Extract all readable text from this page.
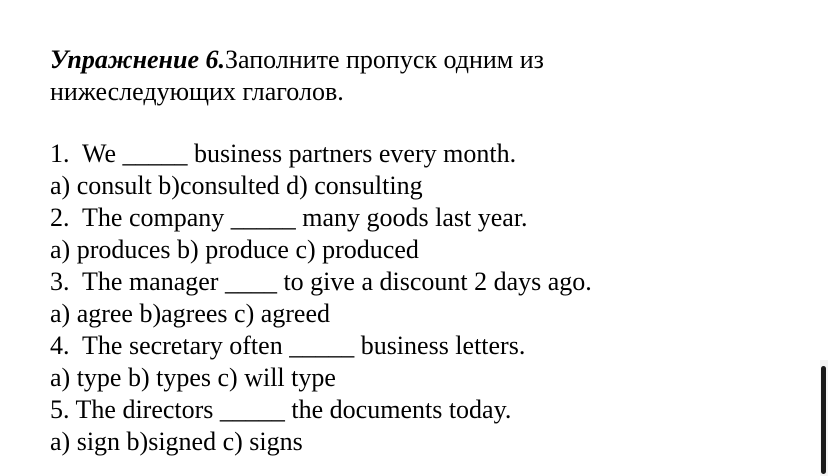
Упражнение 6.Заполните пропуск одним из
нижеследующих глаголов.
1.  We _____ business partners every month.
a) consult b)consulted d) consulting
2.  The company _____ many goods last year.
a) produces b) produce c) produced
3.  The manager ____ to give a discount 2 days ago.
a) agree b)agrees c) agreed
4.  The secretary often _____ business letters.
a) type b) types c) will type
5. The directors _____ the documents today.
a) sign b)signed c) signs
